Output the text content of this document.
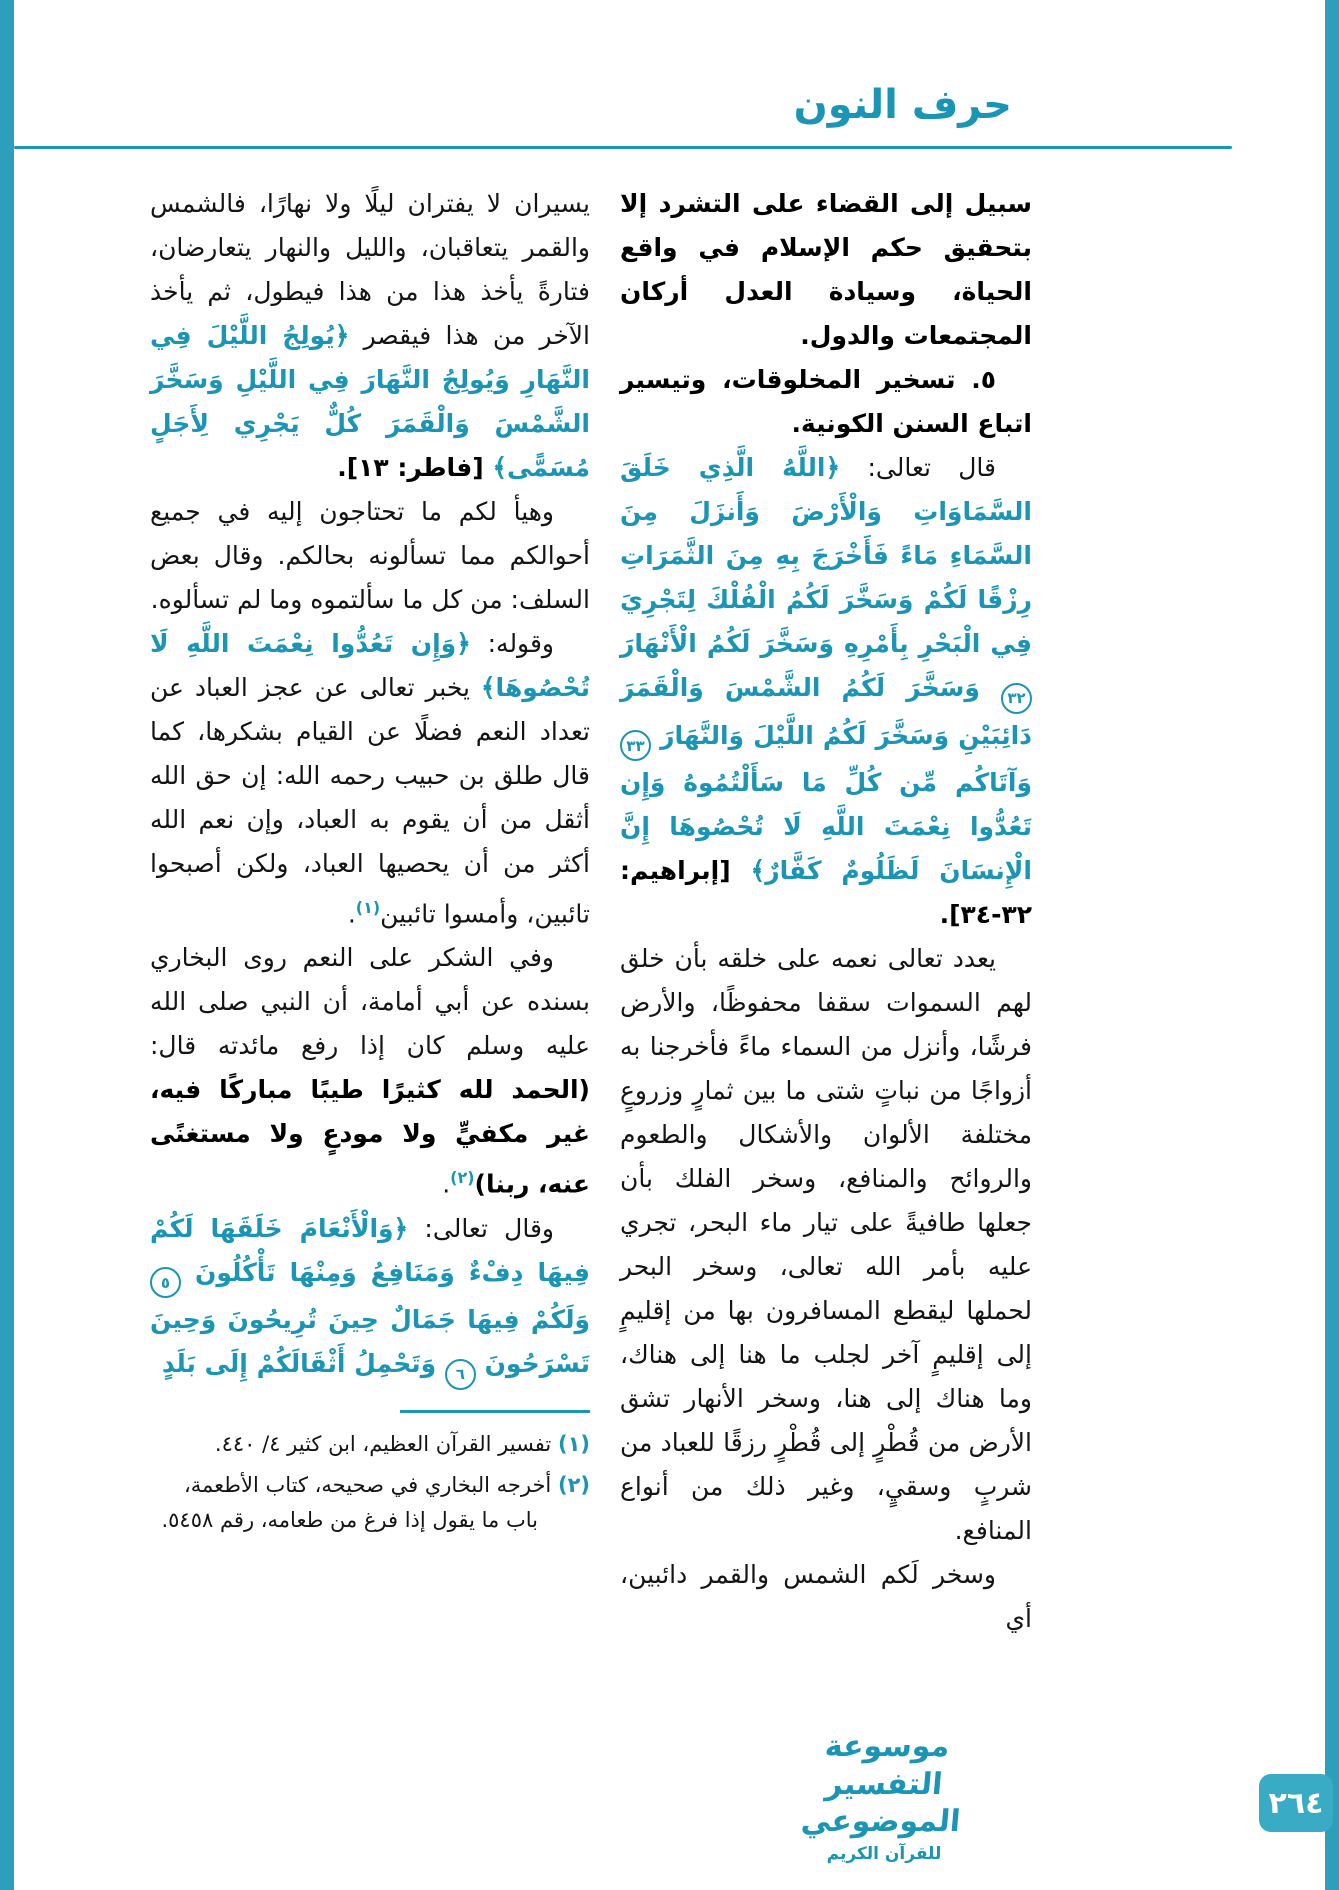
حرف النون

سبيل إلى القضاء على التشرد إلا بتحقيق حكم الإسلام في واقع الحياة، وسيادة العدل أركان المجتمعات والدول.

٥. تسخير المخلوقات، وتيسير اتباع السنن الكونية.

قال تعالى: ﴿اللَّهُ الَّذِي خَلَقَ السَّمَاوَاتِ وَالْأَرْضَ وَأَنزَلَ مِنَ السَّمَاءِ مَاءً فَأَخْرَجَ بِهِ مِنَ الثَّمَرَاتِ رِزْقًا لَكُمْ وَسَخَّرَ لَكُمُ الْفُلْكَ لِتَجْرِيَ فِي الْبَحْرِ بِأَمْرِهِ وَسَخَّرَ لَكُمُ الْأَنْهَارَ ٣٢ وَسَخَّرَ لَكُمُ الشَّمْسَ وَالْقَمَرَ دَائِبَيْنِ وَسَخَّرَ لَكُمُ اللَّيْلَ وَالنَّهَارَ ٣٣ وَآتَاكُم مِّن كُلِّ مَا سَأَلْتُمُوهُ وَإِن تَعُدُّوا نِعْمَتَ اللَّهِ لَا تُحْصُوهَا إِنَّ الْإِنسَانَ لَظَلُومٌ كَفَّارٌ﴾ [إبراهيم: ٣٢-٣٤].

يعدد تعالى نعمه على خلقه بأن خلق لهم السموات سقفا محفوظًا، والأرض فرشًا، وأنزل من السماء ماءً فأخرجنا به أزواجًا من نباتٍ شتى ما بين ثمارٍ وزروعٍ مختلفة الألوان والأشكال والطعوم والروائح والمنافع، وسخر الفلك بأن جعلها طافيةً على تيار ماء البحر، تجري عليه بأمر الله تعالى، وسخر البحر لحملها ليقطع المسافرون بها من إقليمٍ إلى إقليمٍ آخر لجلب ما هنا إلى هناك، وما هناك إلى هنا، وسخر الأنهار تشق الأرض من قُطْرٍ إلى قُطْرٍ رزقًا للعباد من شربٍ وسقيٍ، وغير ذلك من أنواع المنافع.

وسخر لَكم الشمس والقمر دائبين، أي

يسيران لا يفتران ليلًا ولا نهارًا، فالشمس والقمر يتعاقبان، والليل والنهار يتعارضان، فتارةً يأخذ هذا من هذا فيطول، ثم يأخذ الآخر من هذا فيقصر ﴿يُولِجُ اللَّيْلَ فِي النَّهَارِ وَيُولِجُ النَّهَارَ فِي اللَّيْلِ وَسَخَّرَ الشَّمْسَ وَالْقَمَرَ كُلٌّ يَجْرِي لِأَجَلٍ مُسَمًّى﴾ [فاطر: ١٣].

وهيأ لكم ما تحتاجون إليه في جميع أحوالكم مما تسألونه بحالكم. وقال بعض السلف: من كل ما سألتموه وما لم تسألوه.

وقوله: ﴿وَإِن تَعُدُّوا نِعْمَتَ اللَّهِ لَا تُحْصُوهَا﴾ يخبر تعالى عن عجز العباد عن تعداد النعم فضلًا عن القيام بشكرها، كما قال طلق بن حبيب رحمه الله: إن حق الله أثقل من أن يقوم به العباد، وإن نعم الله أكثر من أن يحصيها العباد، ولكن أصبحوا تائبين، وأمسوا تائبين$^{(١)}$.

وفي الشكر على النعم روى البخاري بسنده عن أبي أمامة، أن النبي صلى الله عليه وسلم كان إذا رفع مائدته قال: (الحمد لله كثيرًا طيبًا مباركًا فيه، غير مكفيٍّ ولا مودعٍ ولا مستغنًى عنه، ربنا)$^{(٢)}$.

وقال تعالى: ﴿وَالْأَنْعَامَ خَلَقَهَا لَكُمْ فِيهَا دِفْءٌ وَمَنَافِعُ وَمِنْهَا تَأْكُلُونَ ٥ وَلَكُمْ فِيهَا جَمَالٌ حِينَ تُرِيحُونَ وَحِينَ تَسْرَحُونَ ٦ وَتَحْمِلُ أَثْقَالَكُمْ إِلَى بَلَدٍ

(١) تفسير القرآن العظيم، ابن كثير ٤/ ٤٤٠.

(٢) أخرجه البخاري في صحيحه، كتاب الأطعمة، باب ما يقول إذا فرغ من طعامه، رقم ٥٤٥٨.

موسوعة التفسير الموضوعي
للقرآن الكريم
٢٦٤
